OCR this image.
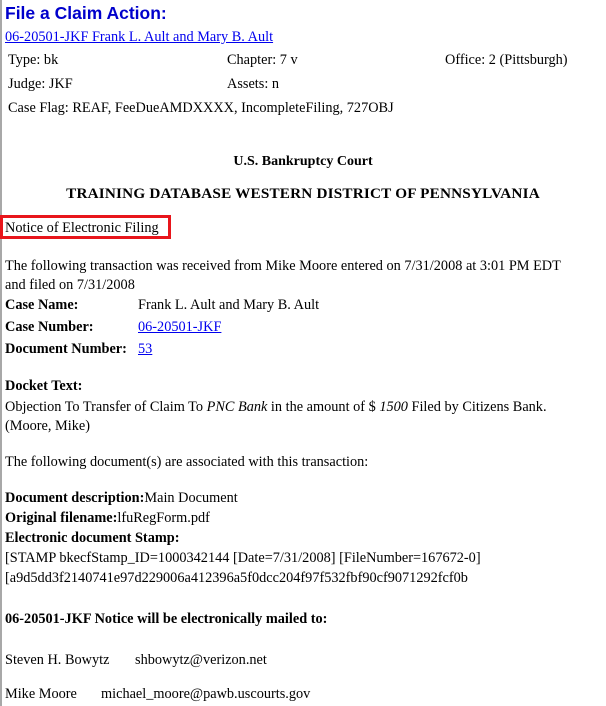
File a Claim Action:
06-20501-JKF Frank L. Ault and Mary B. Ault
Type: bk	Chapter: 7 v	Office: 2 (Pittsburgh)
Judge: JKF	Assets: n
Case Flag: REAF, FeeDueAMDXXXX, IncompleteFiling, 727OBJ
U.S. Bankruptcy Court
TRAINING DATABASE WESTERN DISTRICT OF PENNSYLVANIA
Notice of Electronic Filing
The following transaction was received from Mike Moore entered on 7/31/2008 at 3:01 PM EDT
and filed on 7/31/2008
Case Name:	Frank L. Ault and Mary B. Ault
Case Number:	06-20501-JKF
Document Number: 53
Docket Text:
Objection To Transfer of Claim To PNC Bank in the amount of $ 1500 Filed by Citizens Bank.
(Moore, Mike)
The following document(s) are associated with this transaction:
Document description:Main Document
Original filename:lfuRegForm.pdf
Electronic document Stamp:
[STAMP bkecfStamp_ID=1000342144 [Date=7/31/2008] [FileNumber=167672-0]
[a9d5dd3f2140741e97d229006a412396a5f0dcc204f97f532fbf90cf9071292fcf0b
06-20501-JKF Notice will be electronically mailed to:
Steven H. Bowytz shbowytz@verizon.net
Mike Moore michael_moore@pawb.uscourts.gov
